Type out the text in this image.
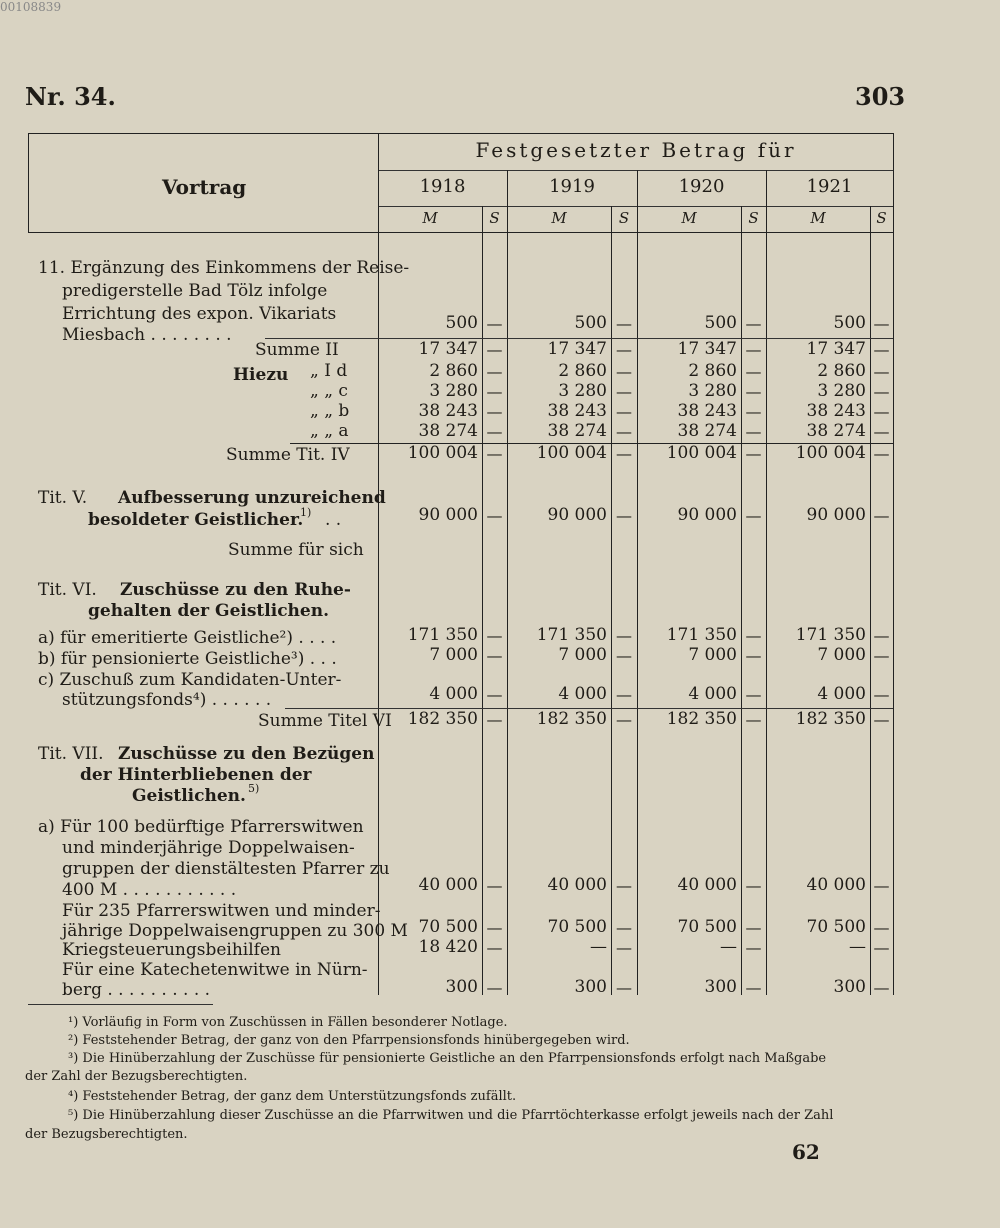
00108839
Nr. 34.	303
Vortrag
Festgesetzter Betrag für
1918	1919	1920	1921
M	S	M	S	M	S	M	S
11. Ergänzung des Einkommens der Reise-
predigerstelle Bad Tölz infolge
Errichtung des expon. Vikariats
Miesbach . . . . . . . .
500 —	500 —	500 —	500 —
Summe II	17 347 —	17 347 —	17 347 —	17 347 —
Hiezu „ I d	2 860 —	2 860 —	2 860 —	2 860 —
„ „ c	3 280 —	3 280 —	3 280 —	3 280 —
„ „ b	38 243 —	38 243 —	38 243 —	38 243 —
„ „ a	38 274 —	38 274 —	38 274 —	38 274 —
Summe Tit. IV	100 004 —	100 004 —	100 004 —	100 004 —
Tit. V. Aufbesserung unzureichend
besoldeter Geistlicher.
1) . .	90 000 —	90 000 —	90 000 —	90 000 —
Summe für sich
Tit. VI. Zuschüsse zu den Ruhe-
gehalten der Geistlichen.
a) für emeritierte Geistliche²) . . . .	171 350 —	171 350 —	171 350 —	171 350 —
b) für pensionierte Geistliche³) . . .	7 000 —	7 000 —	7 000 —	7 000 —
c) Zuschuß zum Kandidaten-Unter-
stützungsfonds⁴) . . . . . .	4 000 —	4 000 —	4 000 —	4 000 —
Summe Titel VI 182 350 —	182 350 —	182 350 —	182 350 —
Tit. VII. Zuschüsse zu den Bezügen
der Hinterbliebenen der
Geistlichen. 5)
a) Für 100 bedürftige Pfarrerswitwen
und minderjährige Doppelwaisen-
gruppen der dienstältesten Pfarrer zu
400 M . . . . . . . . . . .	40 000 —	40 000 —	40 000 —	40 000 —
Für 235 Pfarrerswitwen und minder-
jährige Doppelwaisengruppen zu 300 M 70 500 —	70 500 —	70 500 —	70 500 —
Kriegsteuerungsbeihilfen	18 420 —	— —	— —	— —
Für eine Katechetenwitwe in Nürn-
berg . . . . . . . . . .	300 —	300 —	300 —	300 —
¹) Vorläufig in Form von Zuschüssen in Fällen besonderer Notlage.
²) Feststehender Betrag, der ganz von den Pfarrpensionsfonds hinübergegeben wird.
³) Die Hinüberzahlung der Zuschüsse für pensionierte Geistliche an den Pfarrpensionsfonds erfolgt nach Maßgabe
der Zahl der Bezugsberechtigten.
⁴) Feststehender Betrag, der ganz dem Unterstützungsfonds zufällt.
⁵) Die Hinüberzahlung dieser Zuschüsse an die Pfarrwitwen und die Pfarrtöchterkasse erfolgt jeweils nach der Zahl
der Bezugsberechtigten.
62
